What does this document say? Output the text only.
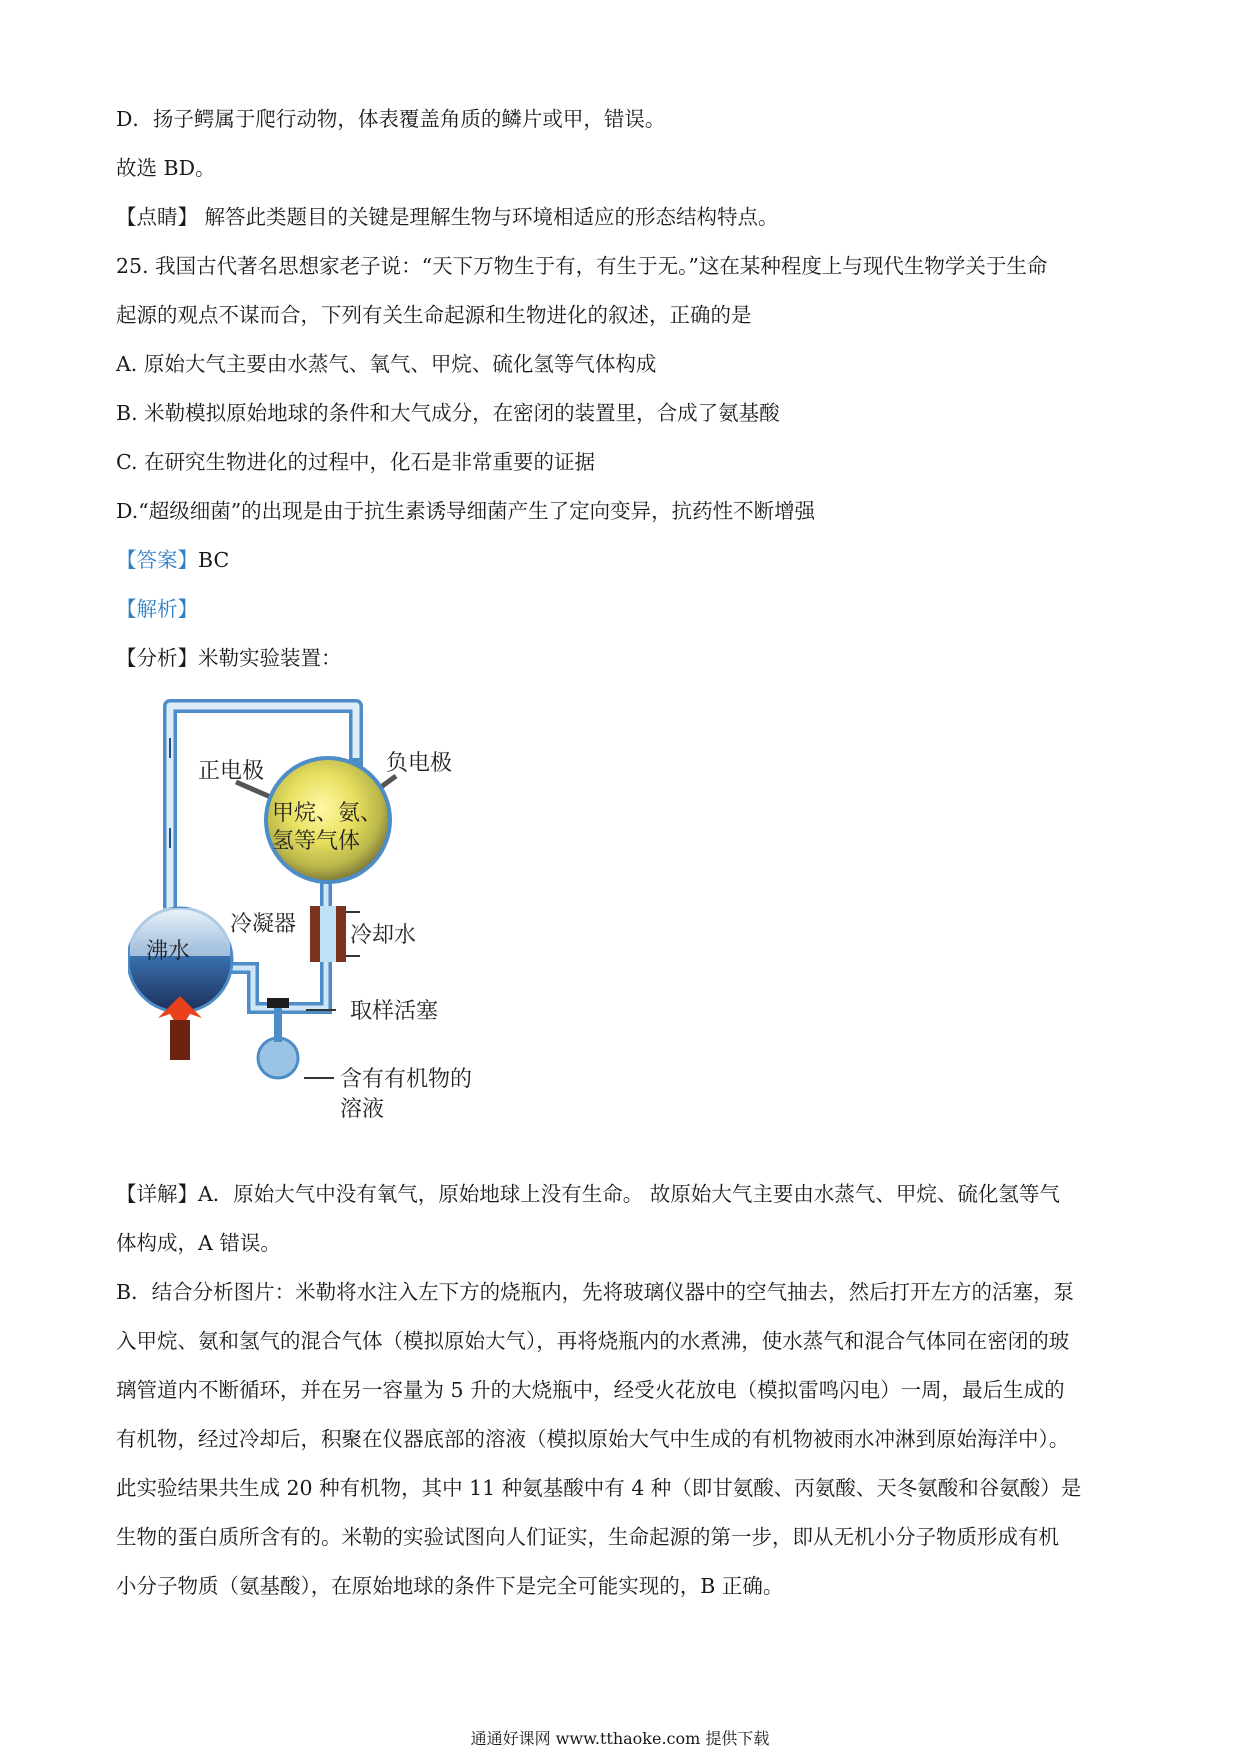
D．扬子鳄属于爬行动物，体表覆盖角质的鳞片或甲，错误。
故选 BD。
【点睛】 解答此类题目的关键是理解生物与环境相适应的形态结构特点。
25. 我国古代著名思想家老子说：“天下万物生于有，有生于无。”这在某种程度上与现代生物学关于生命
起源的观点不谋而合，下列有关生命起源和生物进化的叙述，正确的是
A. 原始大气主要由水蒸气、氧气、甲烷、硫化氢等气体构成
B. 米勒模拟原始地球的条件和大气成分，在密闭的装置里，合成了氨基酸
C. 在研究生物进化的过程中，化石是非常重要的证据
D.“超级细菌”的出现是由于抗生素诱导细菌产生了定向变异，抗药性不断增强
【答案】BC
【解析】
【分析】米勒实验装置：
正电极	负电极
甲烷、氨、
氢等气体
冷凝器 冷却水
沸水
取样活塞
含有有机物的
溶液
【详解】A．原始大气中没有氧气，原始地球上没有生命。 故原始大气主要由水蒸气、甲烷、硫化氢等气
体构成，A 错误。
B．结合分析图片：米勒将水注入左下方的烧瓶内，先将玻璃仪器中的空气抽去，然后打开左方的活塞，泵
入甲烷、氨和氢气的混合气体（模拟原始大气），再将烧瓶内的水煮沸，使水蒸气和混合气体同在密闭的玻
璃管道内不断循环，并在另一容量为 5 升的大烧瓶中，经受火花放电（模拟雷鸣闪电）一周，最后生成的
有机物，经过冷却后，积聚在仪器底部的溶液（模拟原始大气中生成的有机物被雨水冲淋到原始海洋中）。
此实验结果共生成 20 种有机物，其中 11 种氨基酸中有 4 种（即甘氨酸、丙氨酸、天冬氨酸和谷氨酸）是
生物的蛋白质所含有的。米勒的实验试图向人们证实，生命起源的第一步，即从无机小分子物质形成有机
小分子物质（氨基酸），在原始地球的条件下是完全可能实现的，B 正确。
通通好课网 www.tthaoke.com 提供下载
